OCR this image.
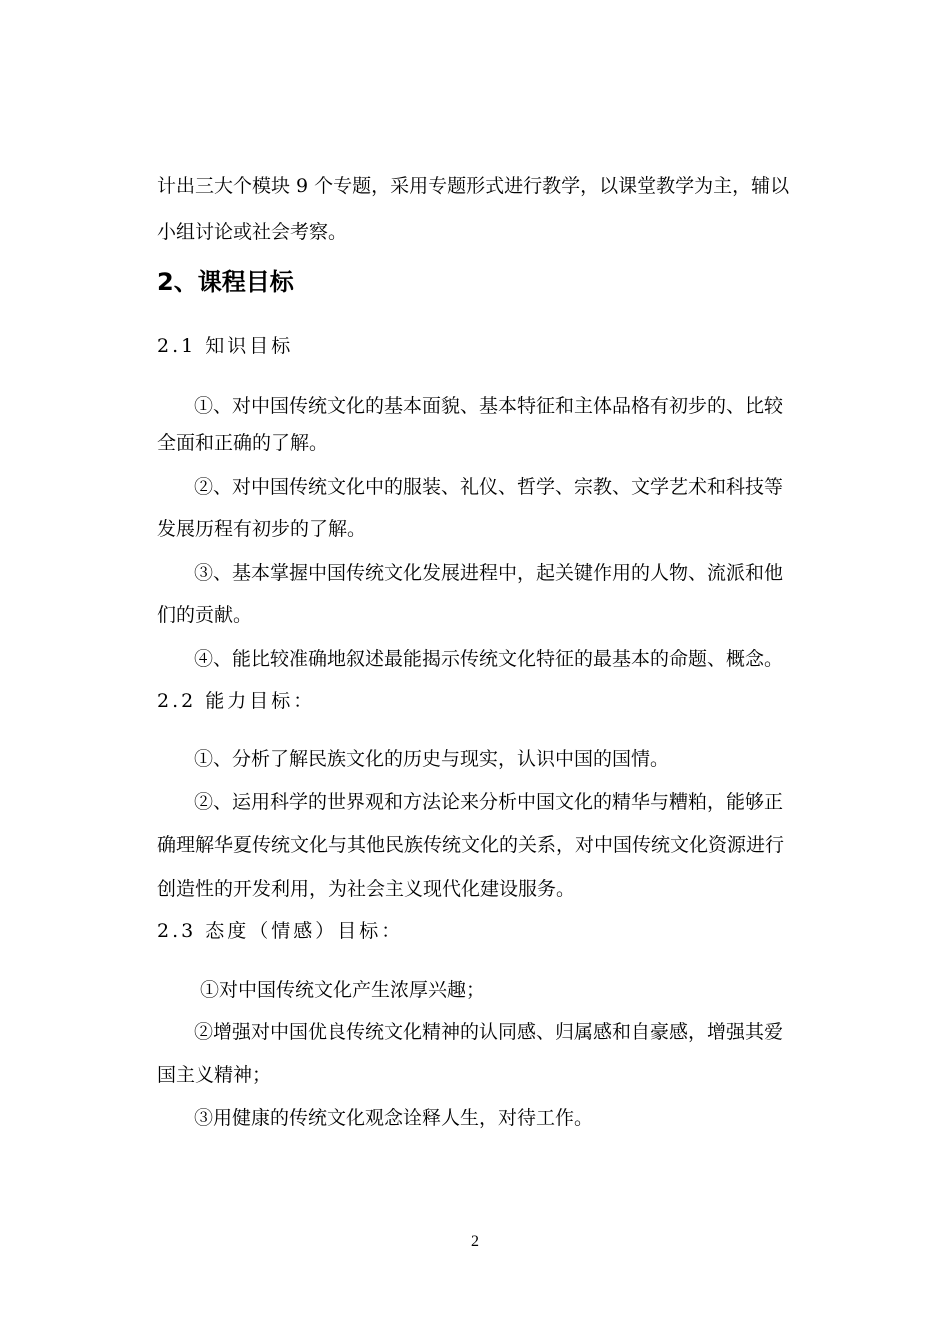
计出三大个模块 9 个专题，采用专题形式进行教学，以课堂教学为主，辅以
小组讨论或社会考察。
2、课程目标
2.1 知识目标
①、对中国传统文化的基本面貌、基本特征和主体品格有初步的、比较
全面和正确的了解。
②、对中国传统文化中的服装、礼仪、哲学、宗教、文学艺术和科技等
发展历程有初步的了解。
③、基本掌握中国传统文化发展进程中，起关键作用的人物、流派和他
们的贡献。
④、能比较准确地叙述最能揭示传统文化特征的最基本的命题、概念。
2.2 能力目标：
①、分析了解民族文化的历史与现实，认识中国的国情。
②、运用科学的世界观和方法论来分析中国文化的精华与糟粕，能够正
确理解华夏传统文化与其他民族传统文化的关系，对中国传统文化资源进行
创造性的开发利用，为社会主义现代化建设服务。
2.3 态度（情感）目标：
①对中国传统文化产生浓厚兴趣；
②增强对中国优良传统文化精神的认同感、归属感和自豪感，增强其爱
国主义精神；
③用健康的传统文化观念诠释人生，对待工作。
2
